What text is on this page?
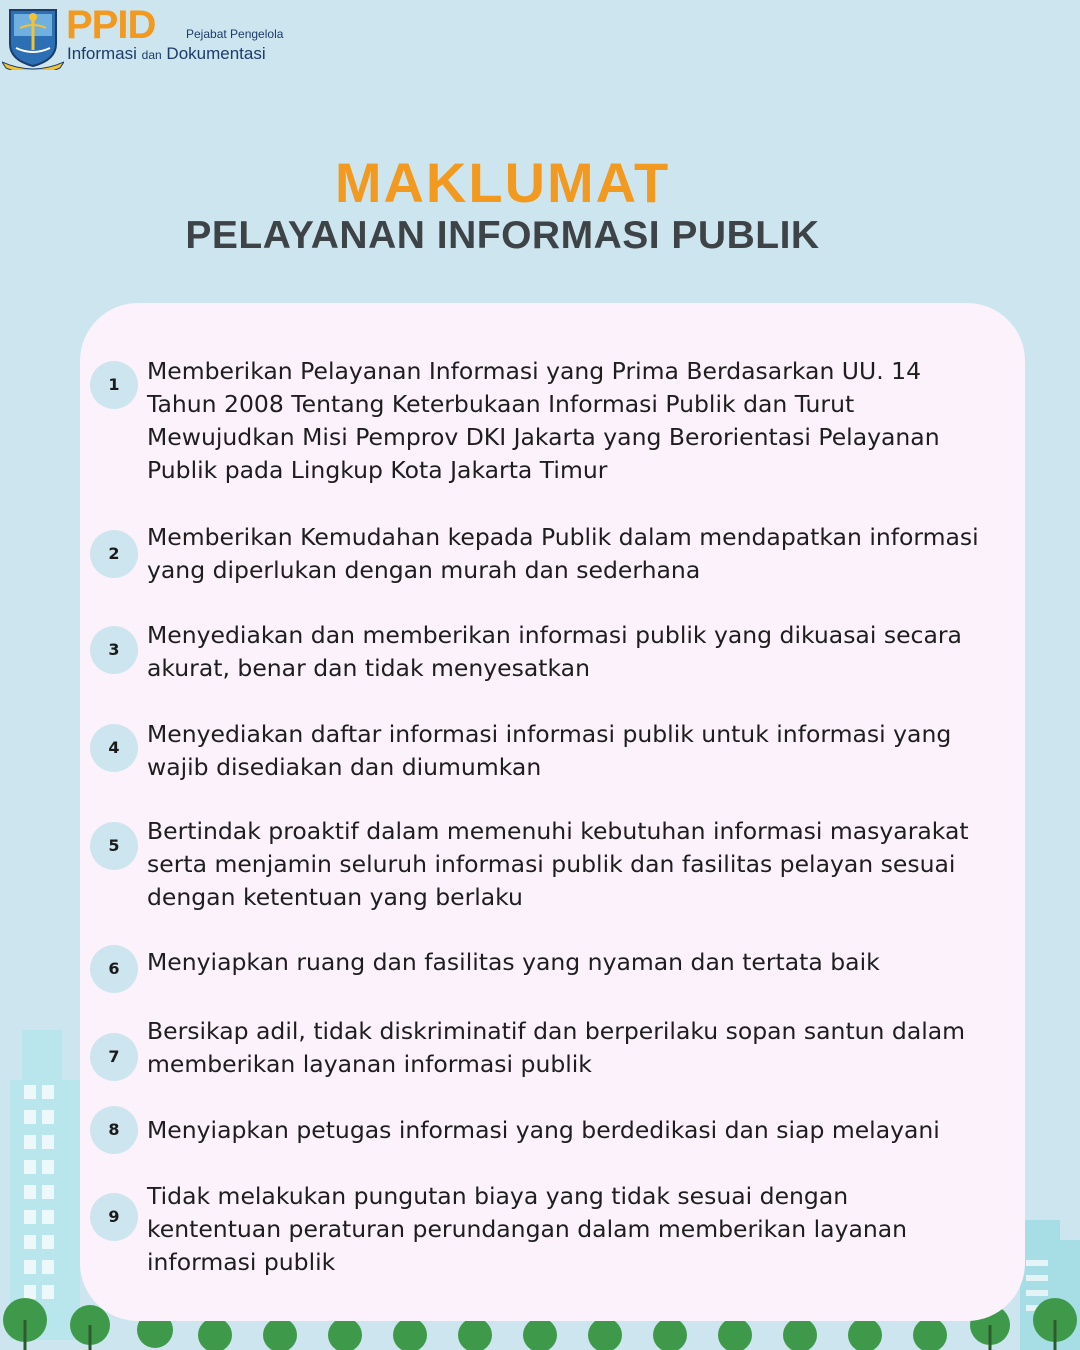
PPID	Pejabat Pengelola
Informasi dan Dokumentasi
MAKLUMAT
PELAYANAN INFORMASI PUBLIK
1	Memberikan Pelayanan Informasi yang Prima Berdasarkan UU. 14 Tahun 2008 Tentang Keterbukaan Informasi Publik dan Turut Mewujudkan Misi Pemprov DKI Jakarta yang Berorientasi Pelayanan Publik pada Lingkup Kota Jakarta Timur
2
Memberikan Kemudahan kepada Publik dalam mendapatkan informasi yang diperlukan dengan murah dan sederhana
3
Menyediakan dan memberikan informasi publik yang dikuasai secara akurat, benar dan tidak menyesatkan
4	Menyediakan daftar informasi informasi publik untuk informasi yang wajib disediakan dan diumumkan
5
Bertindak proaktif dalam memenuhi kebutuhan informasi masyarakat serta menjamin seluruh informasi publik dan fasilitas pelayan sesuai dengan ketentuan yang berlaku
6	Menyiapkan ruang dan fasilitas yang nyaman dan tertata baik
7
Bersikap adil, tidak diskriminatif dan berperilaku sopan santun dalam memberikan layanan informasi publik
8	Menyiapkan petugas informasi yang berdedikasi dan siap melayani
9
Tidak melakukan pungutan biaya yang tidak sesuai dengan kententuan peraturan perundangan dalam memberikan layanan informasi publik
